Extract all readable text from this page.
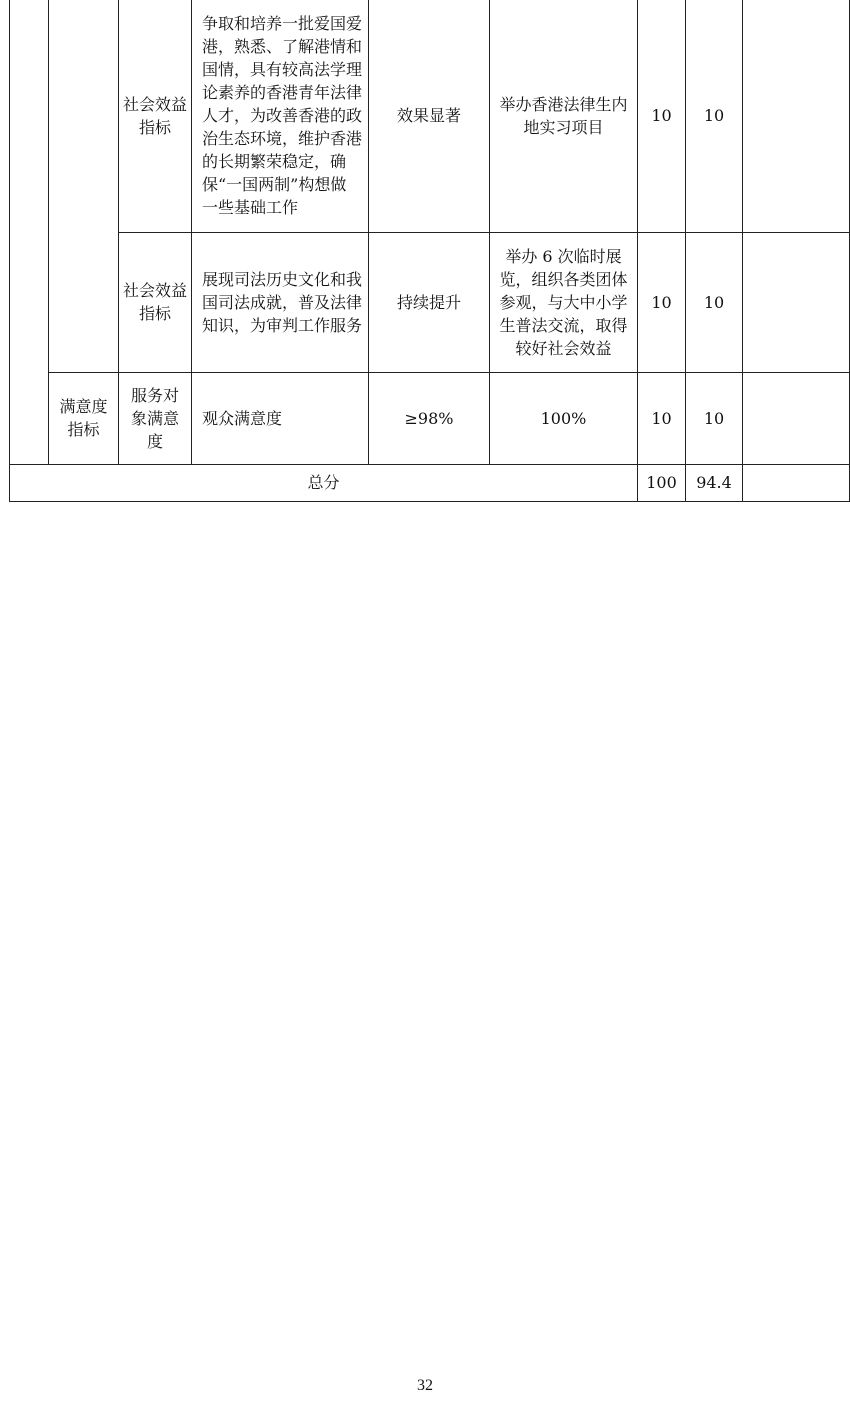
		社会效益指标	争取和培养一批爱国爱港，熟悉、了解港情和国情，具有较高法学理论素养的香港青年法律人才，为改善香港的政治生态环境，维护香港的长期繁荣稳定，确保“一国两制”构想做一些基础工作	效果显著	举办香港法律生内地实习项目	10	10	
		社会效益指标	展现司法历史文化和我国司法成就，普及法律知识，为审判工作服务	持续提升	举办 6 次临时展览，组织各类团体参观，与大中小学生普法交流，取得较好社会效益	10	10	
	满意度指标	服务对象满意度	观众满意度	≥98%	100%	10	10	
总分						100	94.4	
32
